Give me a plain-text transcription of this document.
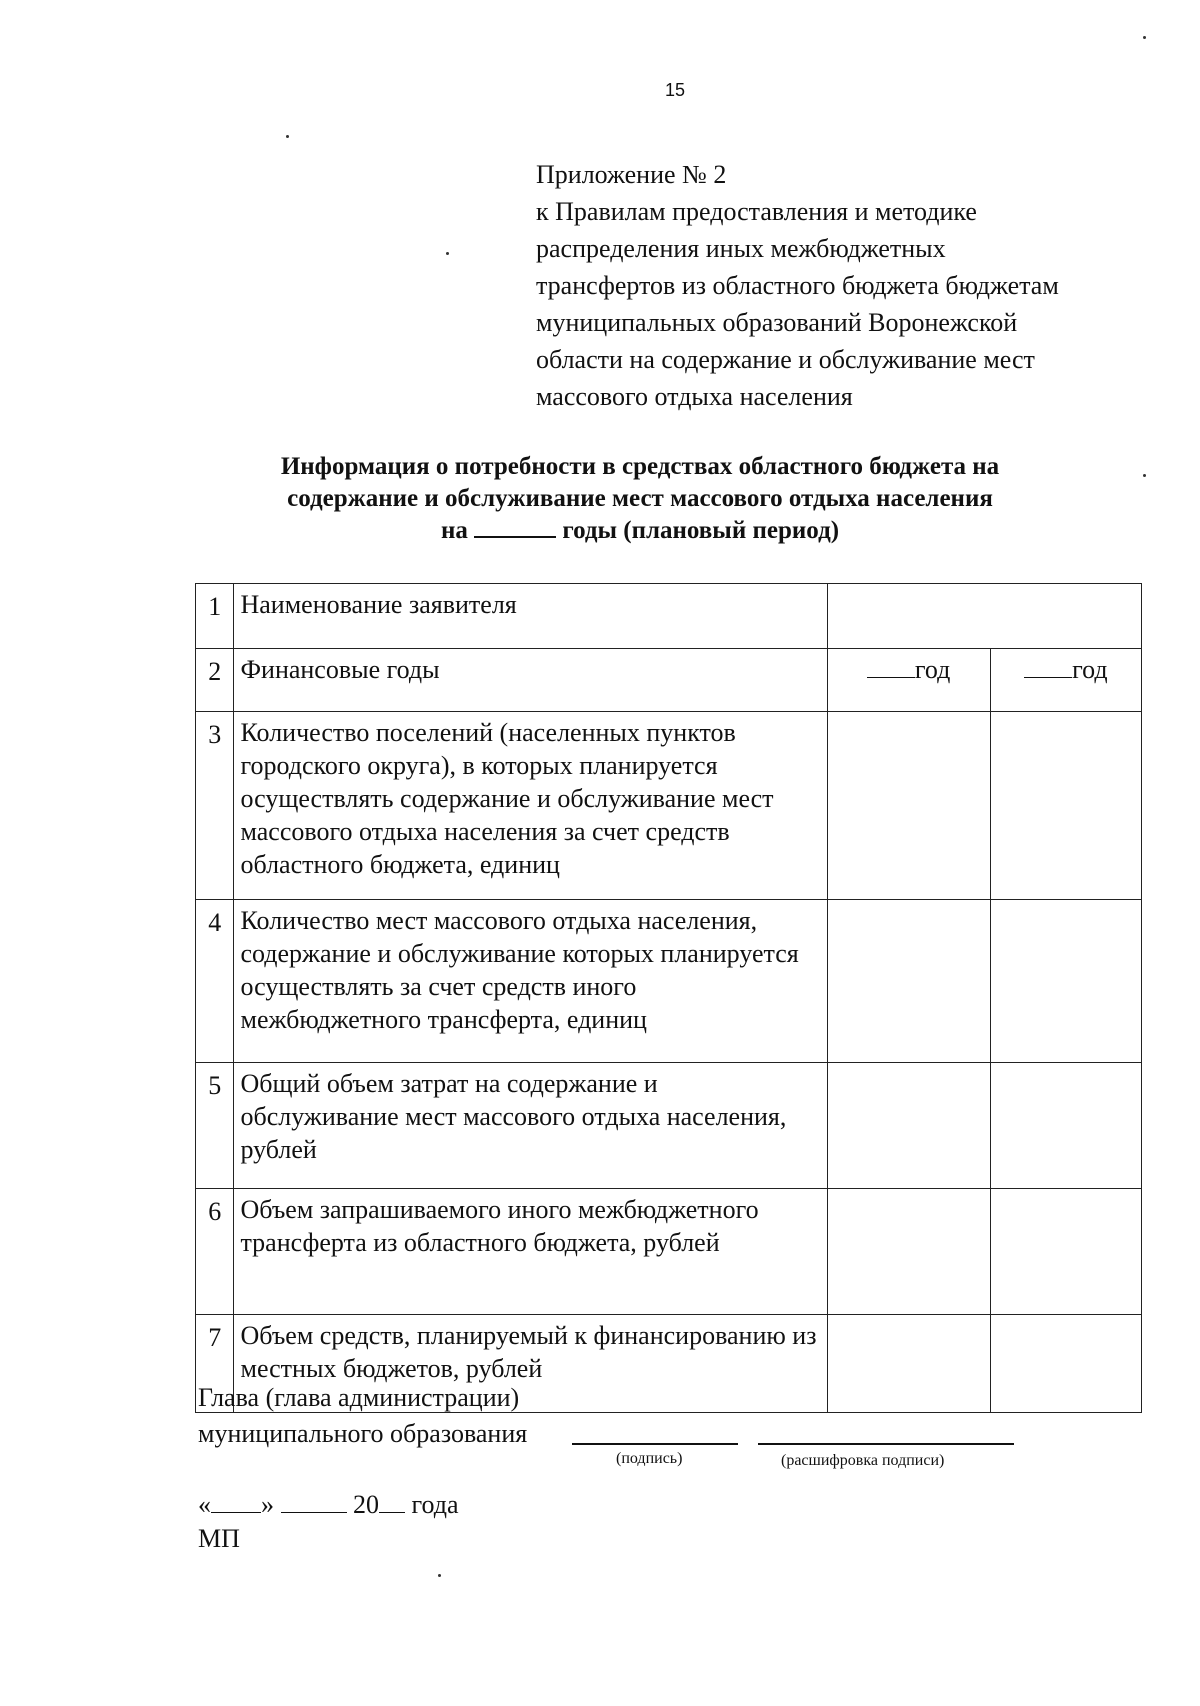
15
Приложение № 2
к Правилам предоставления и методике
распределения иных межбюджетных
трансфертов из областного бюджета бюджетам
муниципальных образований Воронежской
области на содержание и обслуживание мест
массового отдыха населения
Информация о потребности в средствах областного бюджета на
содержание и обслуживание мест массового отдыха населения
на	годы (плановый период)
1	Наименование заявителя		
2	Финансовые годы	год	год
3	Количество поселений (населенных пунктов городского округа), в которых планируется осуществлять содержание и обслуживание мест массового отдыха населения за счет средств областного бюджета, единиц		
4	Количество мест массового отдыха населения, содержание и обслуживание которых планируется осуществлять за счет средств иного межбюджетного трансферта, единиц		
5	Общий объем затрат на содержание и обслуживание мест массового отдыха населения, рублей		
6	Объем запрашиваемого иного межбюджетного трансферта из областного бюджета, рублей		
7	Объем средств, планируемый к финансированию из местных бюджетов, рублей		
Глава (глава администрации)
муниципального образования
(подпись)	(расшифровка подписи)
« »	20 года
МП
